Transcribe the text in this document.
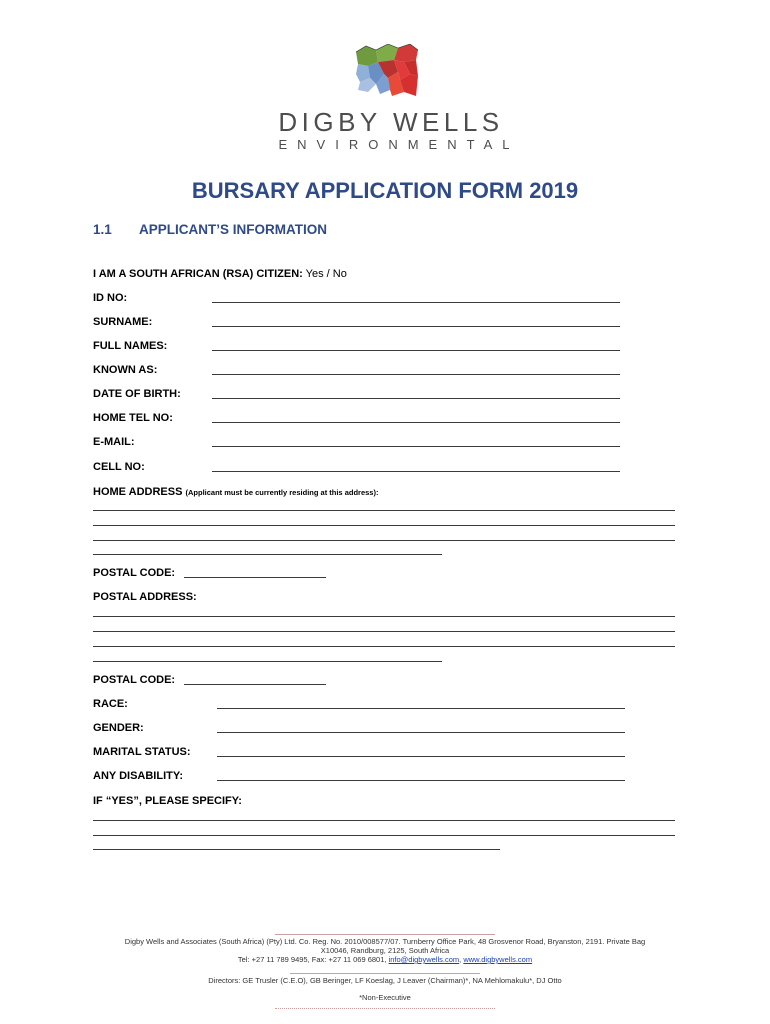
DIGBY WELLS
ENVIRONMENTAL
BURSARY APPLICATION FORM 2019
1.1 APPLICANT’S INFORMATION
I AM A SOUTH AFRICAN (RSA) CITIZEN: Yes / No
ID NO:
SURNAME:
FULL NAMES:
KNOWN AS:
DATE OF BIRTH:
HOME TEL NO:
E-MAIL:
CELL NO:
HOME ADDRESS (Applicant must be currently residing at this address):
POSTAL CODE:
POSTAL ADDRESS:
POSTAL CODE:
RACE:
GENDER:
MARITAL STATUS:
ANY DISABILITY:
IF “YES”, PLEASE SPECIFY:
Digby Wells and Associates (South Africa) (Pty) Ltd. Co. Reg. No. 2010/008577/07. Turnberry Office Park, 48 Grosvenor Road, Bryanston, 2191. Private Bag
X10046, Randburg, 2125, South Africa
Tel: +27 11 789 9495, Fax: +27 11 069 6801, info@digbywells.com, www.digbywells.com
Directors: GE Trusler (C.E.O), GB Beringer, LF Koeslag, J Leaver (Chairman)*, NA Mehlomakulu*, DJ Otto
*Non-Executive
